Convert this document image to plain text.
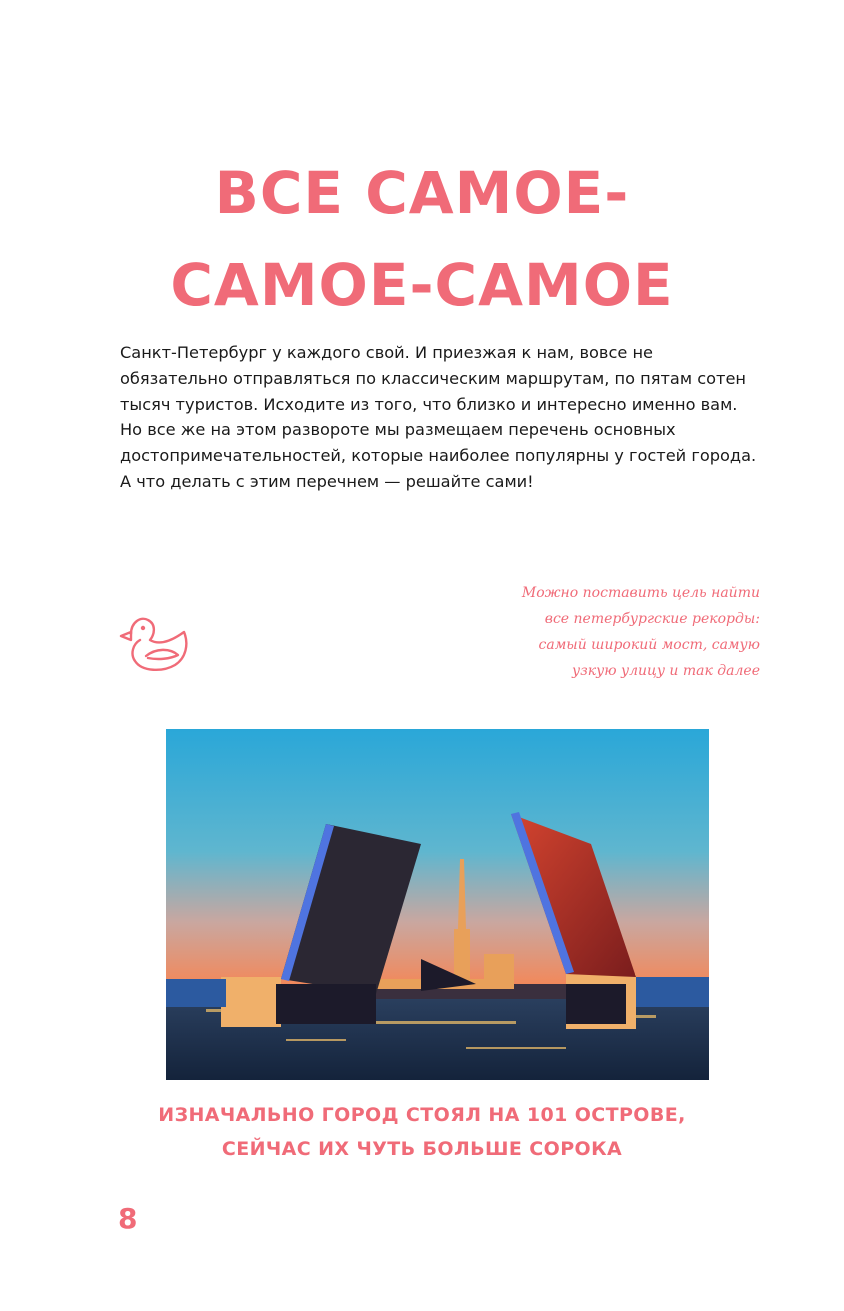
ВСЕ САМОЕ-
САМОЕ-САМОЕ

Санкт-Петербург у каждого свой. И приезжая к нам, вовсе не обязательно отправляться по классическим маршрутам, по пятам сотен тысяч туристов. Исходите из того, что близко и интересно именно вам. Но все же на этом развороте мы размещаем перечень основных достопримечательностей, которые наиболее популярны у гостей города. А что делать с этим перечнем — решайте сами!

Можно поставить цель найти
все петербургские рекорды:
самый широкий мост, самую
узкую улицу и так далее
ИЗНАЧАЛЬНО ГОРОД СТОЯЛ НА 101 ОСТРОВЕ,
СЕЙЧАС ИХ ЧУТЬ БОЛЬШЕ СОРОКА
8
